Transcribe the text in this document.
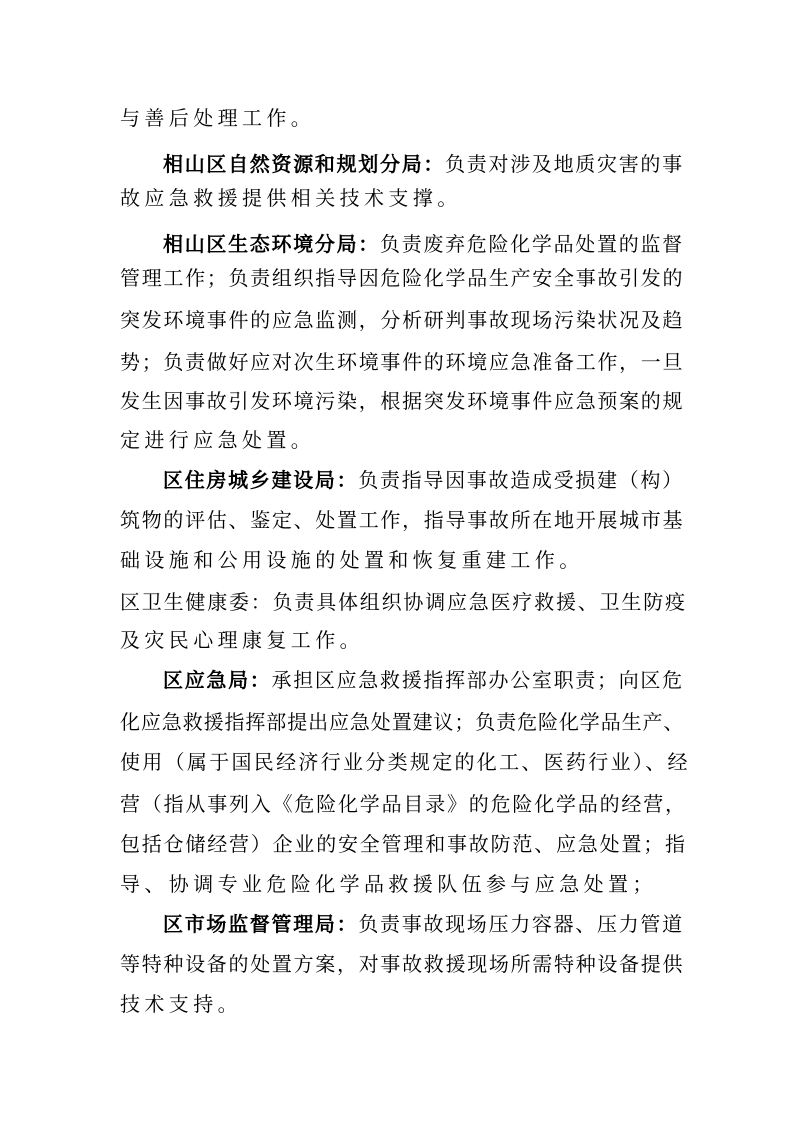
与善后处理工作。
相山区自然资源和规划分局：负责对涉及地质灾害的事
故应急救援提供相关技术支撑。
相山区生态环境分局：负责废弃危险化学品处置的监督
管理工作；负责组织指导因危险化学品生产安全事故引发的
突发环境事件的应急监测，分析研判事故现场污染状况及趋
势；负责做好应对次生环境事件的环境应急准备工作，一旦
发生因事故引发环境污染，根据突发环境事件应急预案的规
定进行应急处置。
区住房城乡建设局：负责指导因事故造成受损建（构）
筑物的评估、鉴定、处置工作，指导事故所在地开展城市基
础设施和公用设施的处置和恢复重建工作。
区卫生健康委：负责具体组织协调应急医疗救援、卫生防疫
及灾民心理康复工作。
区应急局：承担区应急救援指挥部办公室职责；向区危
化应急救援指挥部提出应急处置建议；负责危险化学品生产、
使用（属于国民经济行业分类规定的化工、医药行业）、经
营（指从事列入《危险化学品目录》的危险化学品的经营，
包括仓储经营）企业的安全管理和事故防范、应急处置；指
导、协调专业危险化学品救援队伍参与应急处置；
区市场监督管理局：负责事故现场压力容器、压力管道
等特种设备的处置方案，对事故救援现场所需特种设备提供
技术支持。
